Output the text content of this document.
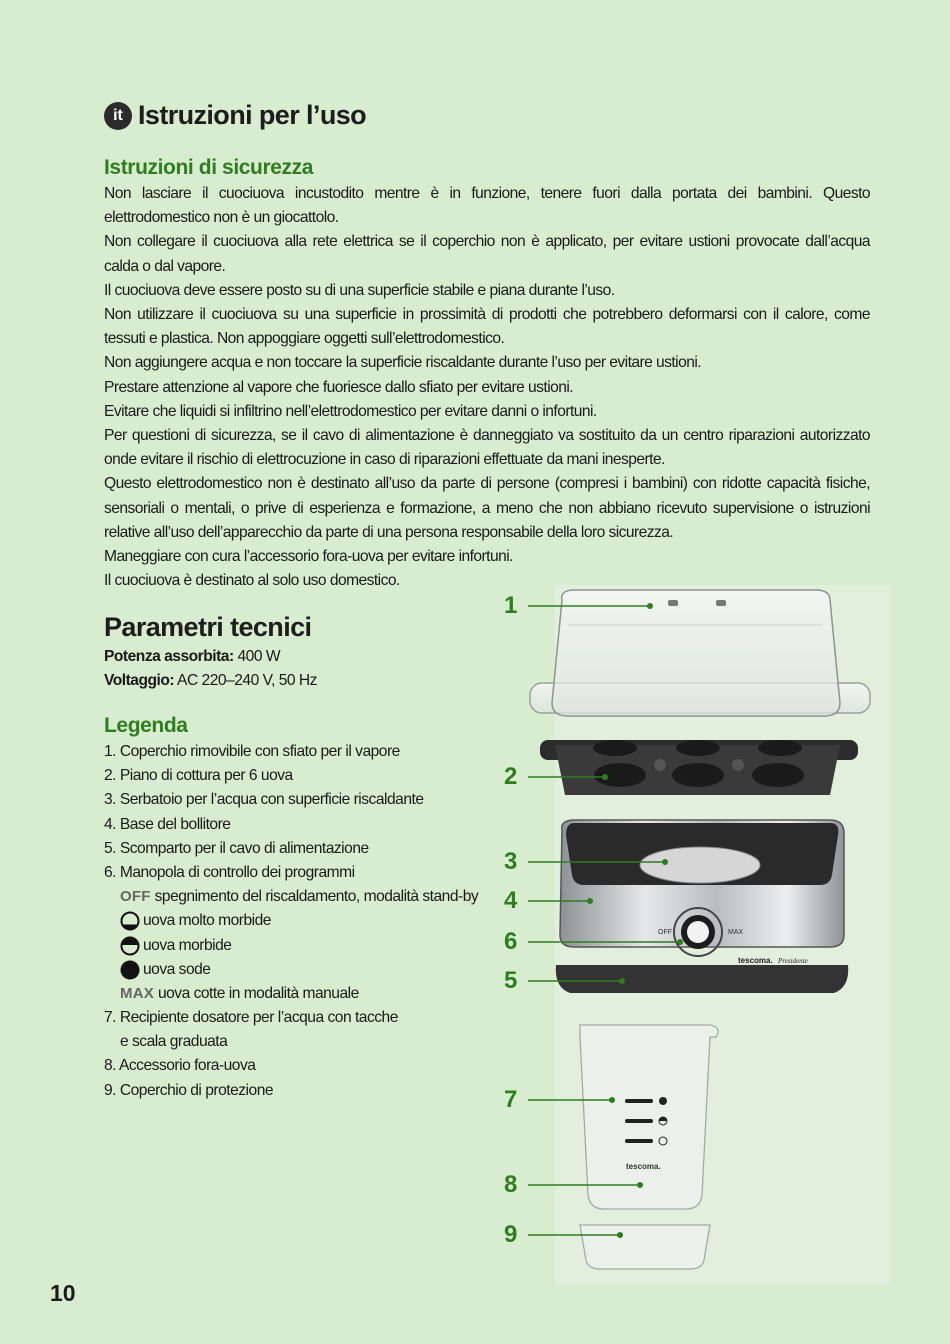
it Istruzioni per l’uso
Istruzioni di sicurezza

Non lasciare il cuociuova incustodito mentre è in funzione, tenere fuori dalla portata dei bambini. Questo elettrodomestico non è un giocattolo.

Non collegare il cuociuova alla rete elettrica se il coperchio non è applicato, per evitare ustioni provocate dall’acqua calda o dal vapore.

Il cuociuova deve essere posto su di una superficie stabile e piana durante l’uso.

Non utilizzare il cuociuova su una superficie in prossimità di prodotti che potrebbero deformarsi con il calore, come tessuti e plastica. Non appoggiare oggetti sull’elettrodomestico.

Non aggiungere acqua e non toccare la superficie riscaldante durante l’uso per evitare ustioni.

Prestare attenzione al vapore che fuoriesce dallo sfiato per evitare ustioni.

Evitare che liquidi si infiltrino nell’elettrodomestico per evitare danni o infortuni.

Per questioni di sicurezza, se il cavo di alimentazione è danneggiato va sostituito da un centro riparazioni autorizzato onde evitare il rischio di elettrocuzione in caso di riparazioni effettuate da mani inesperte.

Questo elettrodomestico non è destinato all’uso da parte di persone (compresi i bambini) con ridotte capacità fisiche, sensoriali o mentali, o prive di esperienza e formazione, a meno che non abbiano ricevuto supervisione o istruzioni relative all’uso dell’apparecchio da parte di una persona responsabile della loro sicurezza.

Maneggiare con cura l’accessorio fora-uova per evitare infortuni.

Il cuociuova è destinato al solo uso domestico.

Parametri tecnici
Potenza assorbita: 400 W
Voltaggio: AC 220–240 V, 50 Hz
Legenda
1. Coperchio rimovibile con sfiato per il vapore
2. Piano di cottura per 6 uova
3. Serbatoio per l’acqua con superficie riscaldante
4. Base del bollitore
5. Scomparto per il cavo di alimentazione
6. Manopola di controllo dei programmi
OFF spegnimento del riscaldamento, modalità stand-by
uova molto morbide
uova morbide
uova sode
MAX uova cotte in modalità manuale
7. Recipiente dosatore per l’acqua con tacche
e scala graduata
8. Accessorio fora-uova
9. Coperchio di protezione
OFF	MAX
tescoma. Presidente
tescoma.
1
2
3
4
6
5
7
8
9
10
